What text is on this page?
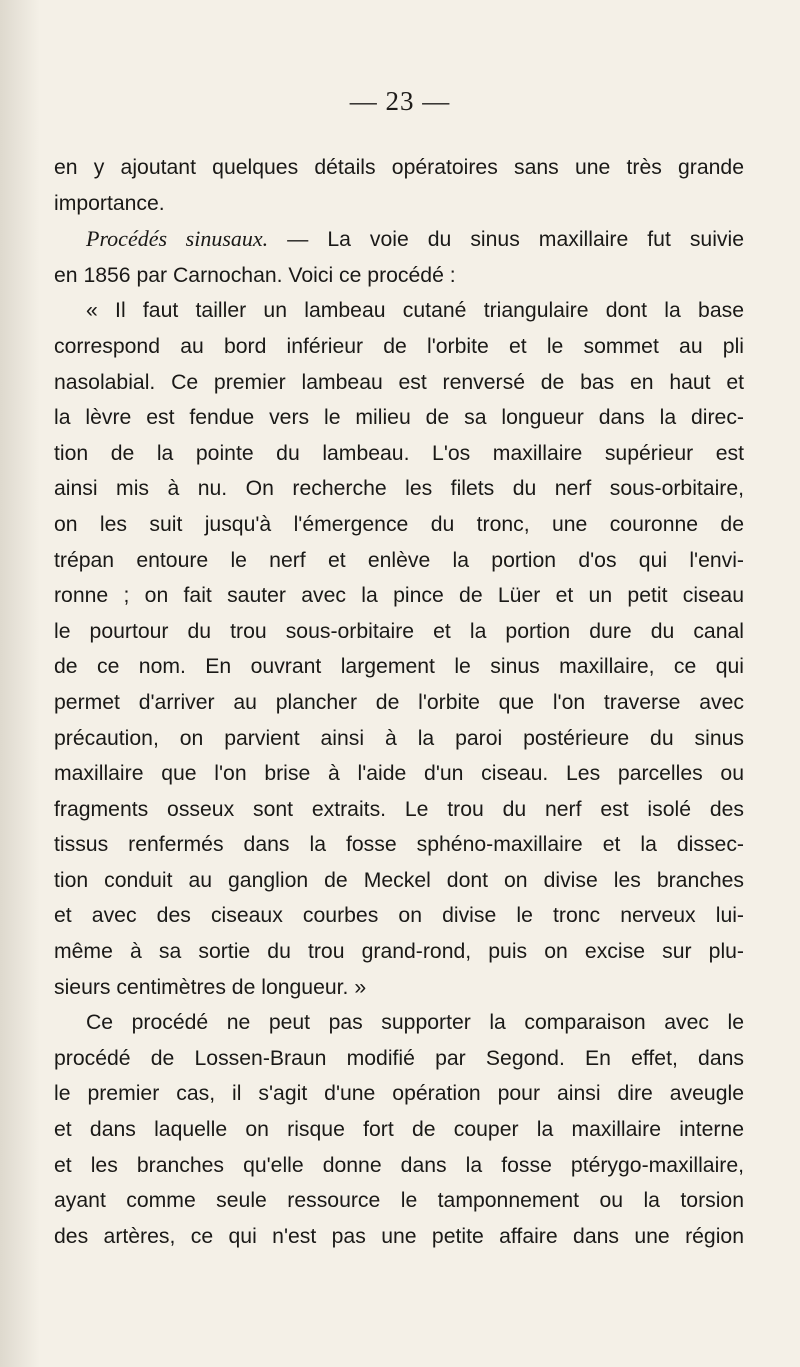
— 23 —

en y ajoutant quelques détails opératoires sans une très grande

importance.

Procédés sinusaux. — La voie du sinus maxillaire fut suivie

en 1856 par Carnochan. Voici ce procédé :

« Il faut tailler un lambeau cutané triangulaire dont la base

correspond au bord inférieur de l'orbite et le sommet au pli

nasolabial. Ce premier lambeau est renversé de bas en haut et

la lèvre est fendue vers le milieu de sa longueur dans la direc-

tion de la pointe du lambeau. L'os maxillaire supérieur est

ainsi mis à nu. On recherche les filets du nerf sous-orbitaire,

on les suit jusqu'à l'émergence du tronc, une couronne de

trépan entoure le nerf et enlève la portion d'os qui l'envi-

ronne ; on fait sauter avec la pince de Lüer et un petit ciseau

le pourtour du trou sous-orbitaire et la portion dure du canal

de ce nom. En ouvrant largement le sinus maxillaire, ce qui

permet d'arriver au plancher de l'orbite que l'on traverse avec

précaution, on parvient ainsi à la paroi postérieure du sinus

maxillaire que l'on brise à l'aide d'un ciseau. Les parcelles ou

fragments osseux sont extraits. Le trou du nerf est isolé des

tissus renfermés dans la fosse sphéno-maxillaire et la dissec-

tion conduit au ganglion de Meckel dont on divise les branches

et avec des ciseaux courbes on divise le tronc nerveux lui-

même à sa sortie du trou grand-rond, puis on excise sur plu-

sieurs centimètres de longueur. »

Ce procédé ne peut pas supporter la comparaison avec le

procédé de Lossen-Braun modifié par Segond. En effet, dans

le premier cas, il s'agit d'une opération pour ainsi dire aveugle

et dans laquelle on risque fort de couper la maxillaire interne

et les branches qu'elle donne dans la fosse ptérygo-maxillaire,

ayant comme seule ressource le tamponnement ou la torsion

des artères, ce qui n'est pas une petite affaire dans une région
